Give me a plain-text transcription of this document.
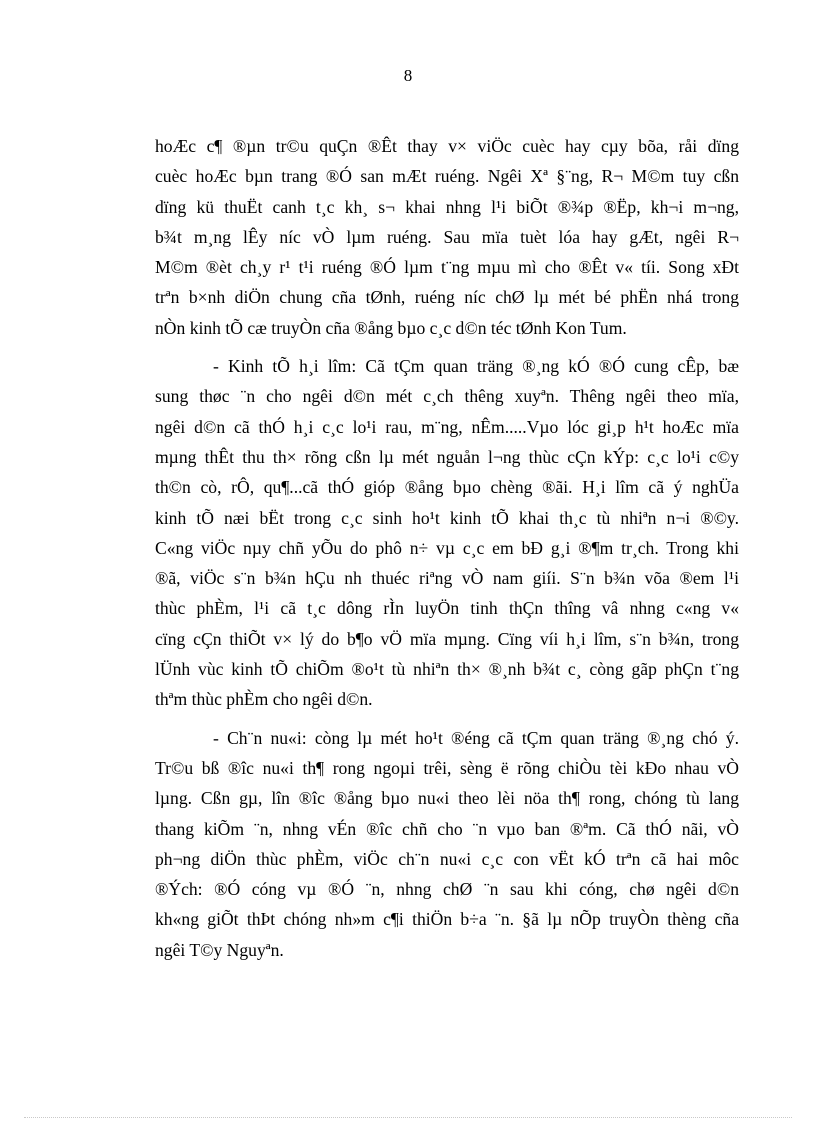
8

hoÆc c¶ ®µn tr©u quÇn ®Êt thay v× viÖc cuèc hay cµy bõa, råi dïng
cuèc hoÆc bµn trang ®Ó san mÆt ruéng. Ngêi Xª §¨ng, R¬ M©m tuy cßn
dïng kü thuËt canh t¸c kh¸ s¬ khai nhng l¹i biÕt ®¾p ®Ëp, kh¬i m¬ng,
b¾t m¸ng lÊy níc vÒ lµm ruéng. Sau mïa tuèt lóa hay gÆt, ngêi R¬
M©m ®èt ch¸y r¹ t¹i ruéng ®Ó lµm t¨ng mµu mì cho ®Êt v« tíi. Song xÐt
trªn b×nh diÖn chung cña tØnh, ruéng níc chØ lµ mét bé phËn nhá trong
nÒn kinh tÕ cæ truyÒn cña ®ång bµo c¸c d©n téc tØnh Kon Tum.

- Kinh tÕ h¸i lîm: Cã tÇm quan träng ®¸ng kÓ ®Ó cung cÊp, bæ
sung thøc ¨n cho ngêi d©n mét c¸ch thêng xuyªn. Thêng ngêi theo mïa,
ngêi d©n cã thÓ h¸i c¸c lo¹i rau, m¨ng, nÊm.....Vµo lóc gi¸p h¹t hoÆc mïa
mµng thÊt thu th× rõng cßn lµ mét nguån l¬ng thùc cÇn kÝp: c¸c lo¹i c©y
th©n cò, rÔ, qu¶...cã thÓ gióp ®ång bµo chèng ®ãi. H¸i lîm cã ý nghÜa
kinh tÕ næi bËt trong c¸c sinh ho¹t kinh tÕ khai th¸c tù nhiªn n¬i ®©y.
C«ng viÖc nµy chñ yÕu do phô n÷ vµ c¸c em bÐ g¸i ®¶m tr¸ch. Trong khi
®ã, viÖc s¨n b¾n hÇu nh thuéc riªng vÒ nam giíi. S¨n b¾n võa ®em l¹i
thùc phÈm, l¹i cã t¸c dông rÌn luyÖn tinh thÇn thîng vâ nhng c«ng v«
cïng cÇn thiÕt v× lý do b¶o vÖ mïa mµng. Cïng víi h¸i lîm, s¨n b¾n, trong
lÜnh vùc kinh tÕ chiÕm ®o¹t tù nhiªn th× ®¸nh b¾t c¸ còng gãp phÇn t¨ng
thªm thùc phÈm cho ngêi d©n.

- Ch¨n nu«i: còng lµ mét ho¹t ®éng cã tÇm quan träng ®¸ng chó ý.
Tr©u bß ®îc nu«i th¶ rong ngoµi trêi, sèng ë rõng chiÒu tèi kÐo nhau vÒ
lµng. Cßn gµ, lîn ®îc ®ång bµo nu«i theo lèi nöa th¶ rong, chóng tù lang
thang kiÕm ¨n, nhng vÉn ®îc chñ cho ¨n vµo ban ®ªm. Cã thÓ nãi, vÒ
ph¬ng diÖn thùc phÈm, viÖc ch¨n nu«i c¸c con vËt kÓ trªn cã hai môc
®Ých: ®Ó cóng vµ ®Ó ¨n, nhng chØ ¨n sau khi cóng, chø ngêi d©n
kh«ng giÕt thÞt chóng nh»m c¶i thiÖn b÷a ¨n. §ã lµ nÕp truyÒn thèng cña
ngêi T©y Nguyªn.
